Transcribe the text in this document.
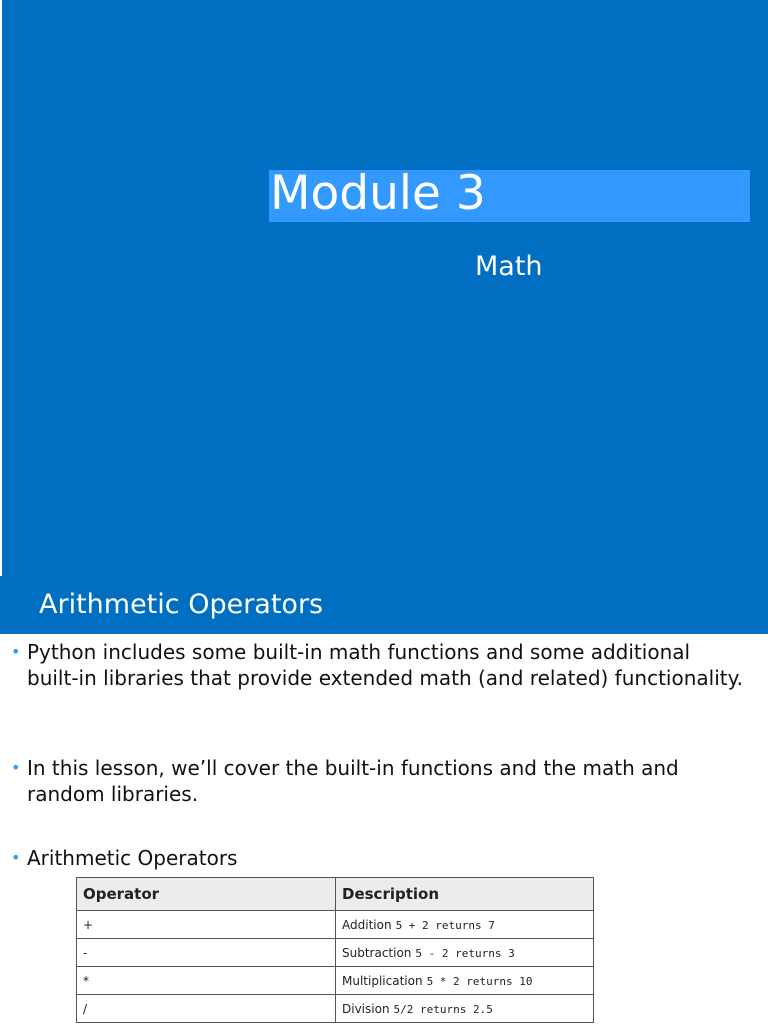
Module 3
Math
Arithmetic Operators
• Python includes some built-in math functions and some additional built-in libraries that provide extended math (and related) functionality.
• In this lesson, we’ll cover the built-in functions and the math and random libraries.
• Arithmetic Operators
Operator	Description
+	Addition 5 + 2 returns 7
-	Subtraction 5 - 2 returns 3
*	Multiplication 5 * 2 returns 10
/	Division 5/2 returns 2.5
